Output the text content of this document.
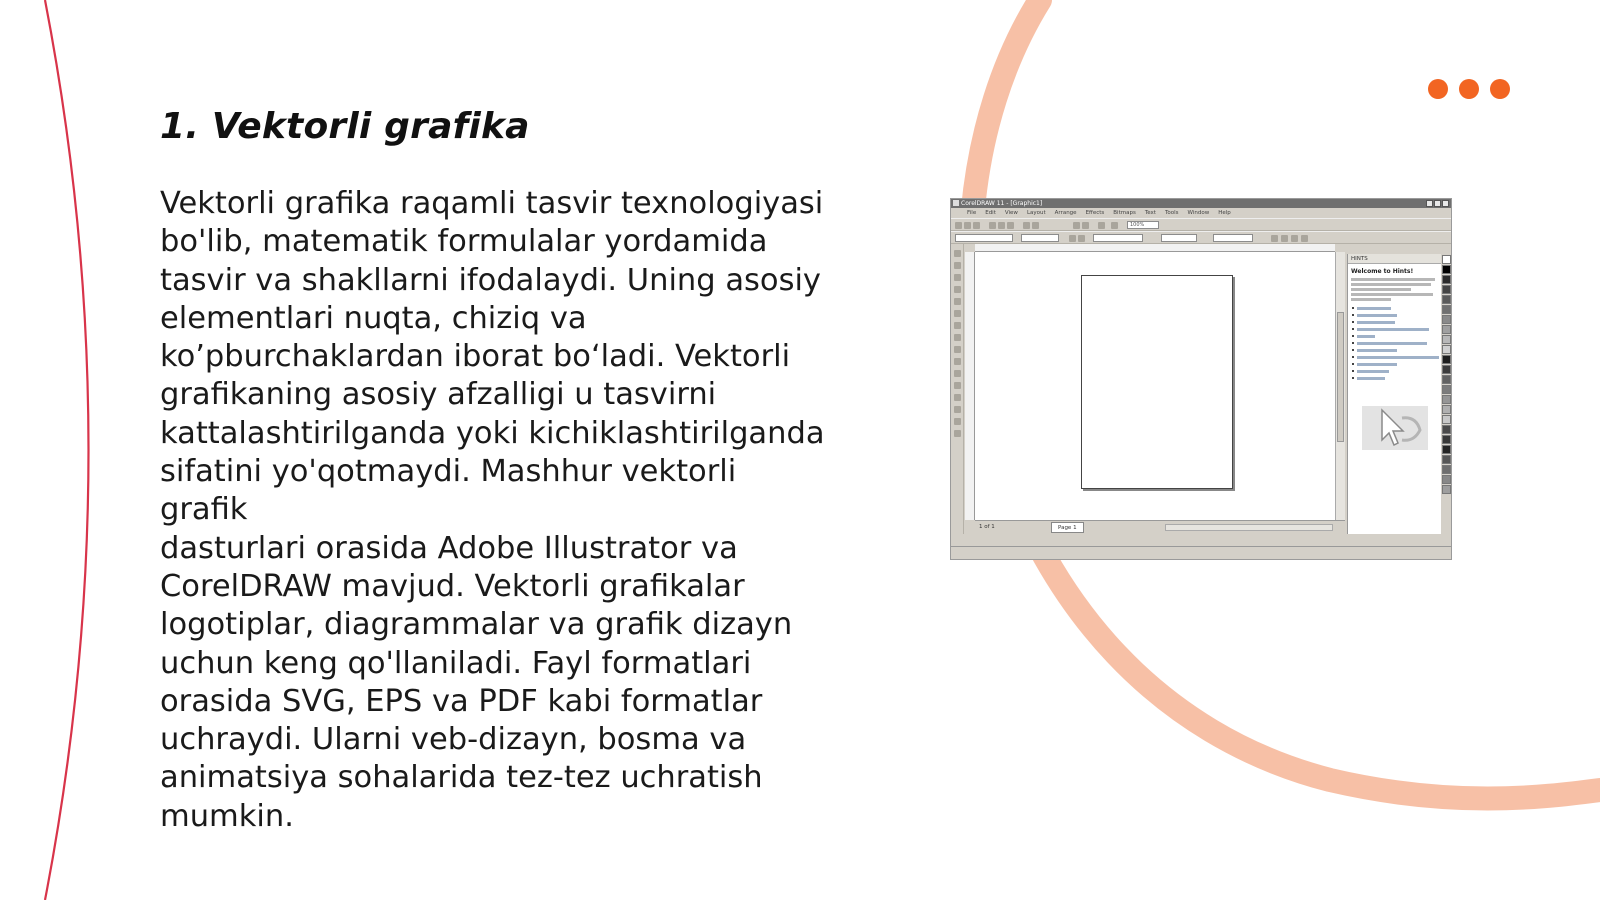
1. Vektorli grafika

Vektorli grafika raqamli tasvir texnologiyasi
bo'lib, matematik formulalar yordamida
tasvir va shakllarni ifodalaydi. Uning asosiy
elementlari nuqta, chiziq va
ko’pburchaklardan iborat bo‘ladi. Vektorli
grafikaning asosiy afzalligi u tasvirni
kattalashtirilganda yoki kichiklashtirilganda
sifatini yo'qotmaydi. Mashhur vektorli grafik
dasturlari orasida Adobe Illustrator va
CorelDRAW mavjud. Vektorli grafikalar
logotiplar, diagrammalar va grafik dizayn
uchun keng qo'llaniladi. Fayl formatlari
orasida SVG, EPS va PDF kabi formatlar
uchraydi. Ularni veb-dizayn, bosma va
animatsiya sohalarida tez-tez uchratish
mumkin.

CorelDRAW 11 - [Graphic1]
File Edit View Layout Arrange Effects Bitmaps Text Tools Window Help
100%
1 of 1	Page 1
HINTS
Welcome to Hints!
